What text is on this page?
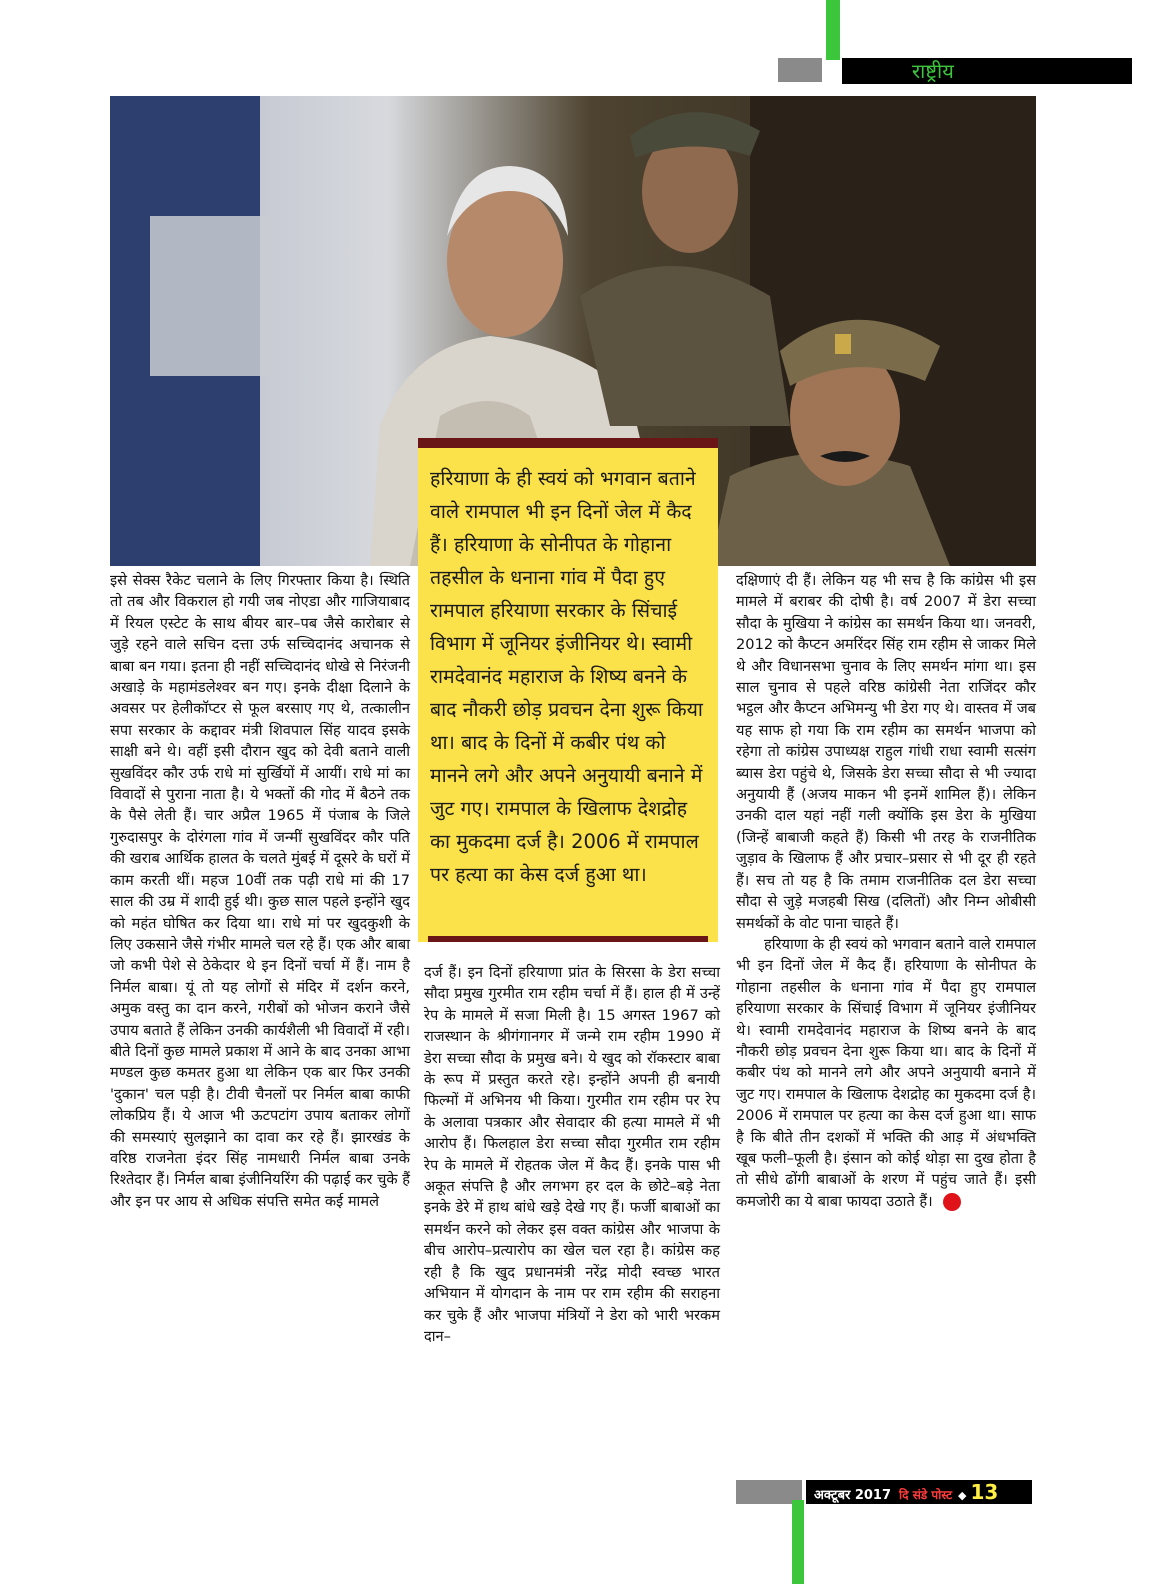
राष्ट्रीय

इसे सेक्स रैकेट चलाने के लिए गिरफ्तार किया है। स्थिति तो तब और विकराल हो गयी जब नोएडा और गाजियाबाद में रियल एस्टेट के साथ बीयर बार–पब जैसे कारोबार से जुड़े रहने वाले सचिन दत्ता उर्फ सच्चिदानंद अचानक से बाबा बन गया। इतना ही नहीं सच्चिदानंद धोखे से निरंजनी अखाड़े के महामंडलेश्वर बन गए। इनके दीक्षा दिलाने के अवसर पर हेलीकॉप्टर से फूल बरसाए गए थे, तत्कालीन सपा सरकार के कद्दावर मंत्री शिवपाल सिंह यादव इसके साक्षी बने थे। वहीं इसी दौरान खुद को देवी बताने वाली सुखविंदर कौर उर्फ राधे मां सुर्खियों में आयीं। राधे मां का विवादों से पुराना नाता है। ये भक्तों की गोद में बैठने तक के पैसे लेती हैं। चार अप्रैल 1965 में पंजाब के जिले गुरुदासपुर के दोरंगला गांव में जन्मीं सुखविंदर कौर पति की खराब आर्थिक हालत के चलते मुंबई में दूसरे के घरों में काम करती थीं। महज 10वीं तक पढ़ी राधे मां की 17 साल की उम्र में शादी हुई थी। कुछ साल पहले इन्होंने खुद को महंत घोषित कर दिया था। राधे मां पर खुदकुशी के लिए उकसाने जैसे गंभीर मामले चल रहे हैं। एक और बाबा जो कभी पेशे से ठेकेदार थे इन दिनों चर्चा में हैं। नाम है निर्मल बाबा। यूं तो यह लोगों से मंदिर में दर्शन करने, अमुक वस्तु का दान करने, गरीबों को भोजन कराने जैसे उपाय बताते हैं लेकिन उनकी कार्यशैली भी विवादों में रही। बीते दिनों कुछ मामले प्रकाश में आने के बाद उनका आभा मण्डल कुछ कमतर हुआ था लेकिन एक बार फिर उनकी 'दुकान' चल पड़ी है। टीवी चैनलों पर निर्मल बाबा काफी लोकप्रिय हैं। ये आज भी ऊटपटांग उपाय बताकर लोगों की समस्याएं सुलझाने का दावा कर रहे हैं। झारखंड के वरिष्ठ राजनेता इंदर सिंह नामधारी निर्मल बाबा उनके रिश्तेदार हैं। निर्मल बाबा इंजीनियरिंग की पढ़ाई कर चुके हैं और इन पर आय से अधिक संपत्ति समेत कई मामले

हरियाणा के ही स्वयं को भगवान बताने वाले रामपाल भी इन दिनों जेल में कैद हैं। हरियाणा के सोनीपत के गोहाना तहसील के धनाना गांव में पैदा हुए रामपाल हरियाणा सरकार के सिंचाई विभाग में जूनियर इंजीनियर थे। स्वामी रामदेवानंद महाराज के शिष्य बनने के बाद नौकरी छोड़ प्रवचन देना शुरू किया था। बाद के दिनों में कबीर पंथ को मानने लगे और अपने अनुयायी बनाने में जुट गए। रामपाल के खिलाफ देशद्रोह का मुकदमा दर्ज है। 2006 में रामपाल पर हत्या का केस दर्ज हुआ था।

दर्ज हैं। इन दिनों हरियाणा प्रांत के सिरसा के डेरा सच्चा सौदा प्रमुख गुरमीत राम रहीम चर्चा में हैं। हाल ही में उन्हें रेप के मामले में सजा मिली है। 15 अगस्त 1967 को राजस्थान के श्रीगंगानगर में जन्मे राम रहीम 1990 में डेरा सच्चा सौदा के प्रमुख बने। ये खुद को रॉकस्टार बाबा के रूप में प्रस्तुत करते रहे। इन्होंने अपनी ही बनायी फिल्मों में अभिनय भी किया। गुरमीत राम रहीम पर रेप के अलावा पत्रकार और सेवादार की हत्या मामले में भी आरोप हैं। फिलहाल डेरा सच्चा सौदा गुरमीत राम रहीम रेप के मामले में रोहतक जेल में कैद हैं। इनके पास भी अकूत संपत्ति है और लगभग हर दल के छोटे–बड़े नेता इनके डेरे में हाथ बांधे खड़े देखे गए हैं। फर्जी बाबाओं का समर्थन करने को लेकर इस वक्त कांग्रेस और भाजपा के बीच आरोप–प्रत्यारोप का खेल चल रहा है। कांग्रेस कह रही है कि खुद प्रधानमंत्री नरेंद्र मोदी स्वच्छ भारत अभियान में योगदान के नाम पर राम रहीम की सराहना कर चुके हैं और भाजपा मंत्रियों ने डेरा को भारी भरकम दान–

दक्षिणाएं दी हैं। लेकिन यह भी सच है कि कांग्रेस भी इस मामले में बराबर की दोषी है। वर्ष 2007 में डेरा सच्चा सौदा के मुखिया ने कांग्रेस का समर्थन किया था। जनवरी, 2012 को कैप्टन अमरिंदर सिंह राम रहीम से जाकर मिले थे और विधानसभा चुनाव के लिए समर्थन मांगा था। इस साल चुनाव से पहले वरिष्ठ कांग्रेसी नेता राजिंदर कौर भट्ठल और कैप्टन अभिमन्यु भी डेरा गए थे। वास्तव में जब यह साफ हो गया कि राम रहीम का समर्थन भाजपा को रहेगा तो कांग्रेस उपाध्यक्ष राहुल गांधी राधा स्वामी सत्संग ब्यास डेरा पहुंचे थे, जिसके डेरा सच्चा सौदा से भी ज्यादा अनुयायी हैं (अजय माकन भी इनमें शामिल हैं)। लेकिन उनकी दाल यहां नहीं गली क्योंकि इस डेरा के मुखिया (जिन्हें बाबाजी कहते हैं) किसी भी तरह के राजनीतिक जुड़ाव के खिलाफ हैं और प्रचार–प्रसार से भी दूर ही रहते हैं। सच तो यह है कि तमाम राजनीतिक दल डेरा सच्चा सौदा से जुड़े मजहबी सिख (दलितों) और निम्न ओबीसी समर्थकों के वोट पाना चाहते हैं।

हरियाणा के ही स्वयं को भगवान बताने वाले रामपाल भी इन दिनों जेल में कैद हैं। हरियाणा के सोनीपत के गोहाना तहसील के धनाना गांव में पैदा हुए रामपाल हरियाणा सरकार के सिंचाई विभाग में जूनियर इंजीनियर थे। स्वामी रामदेवानंद महाराज के शिष्य बनने के बाद नौकरी छोड़ प्रवचन देना शुरू किया था। बाद के दिनों में कबीर पंथ को मानने लगे और अपने अनुयायी बनाने में जुट गए। रामपाल के खिलाफ देशद्रोह का मुकदमा दर्ज है। 2006 में रामपाल पर हत्या का केस दर्ज हुआ था। साफ है कि बीते तीन दशकों में भक्ति की आड़ में अंधभक्ति खूब फली–फूली है। इंसान को कोई थोड़ा सा दुख होता है तो सीधे ढोंगी बाबाओं के शरण में पहुंच जाते हैं। इसी कमजोरी का ये बाबा फायदा उठाते हैं।

अक्टूबर 2017 दि संडे पोस्ट ◆ 13
